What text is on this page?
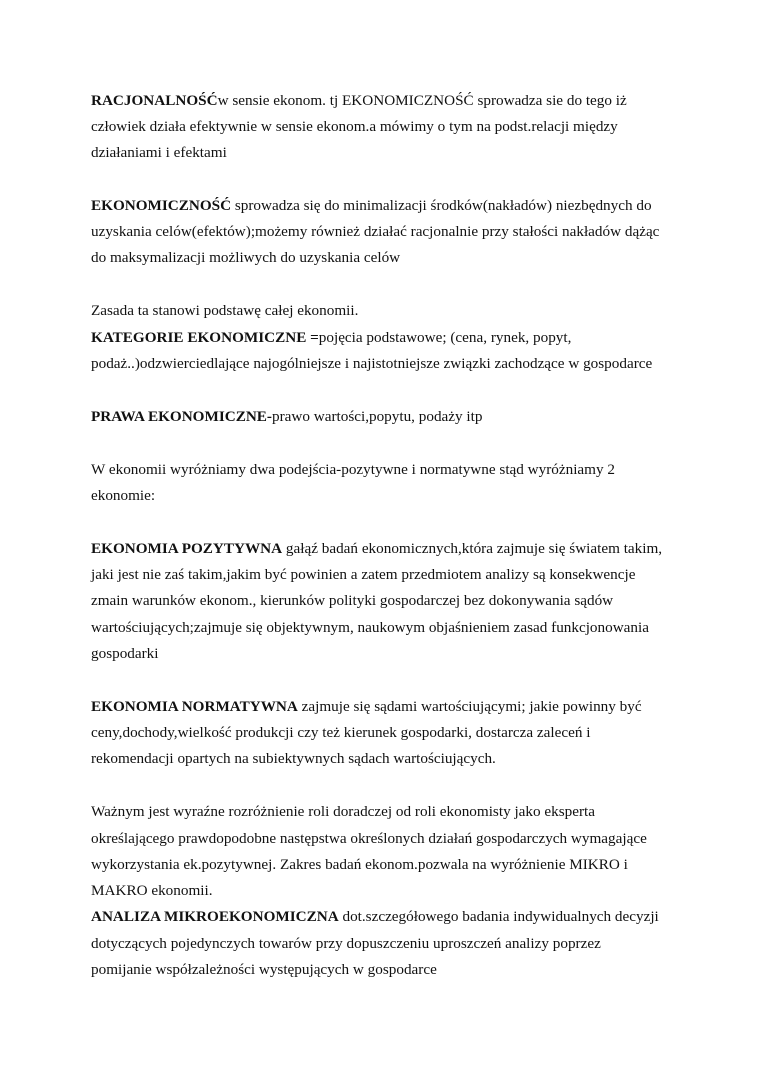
RACJONALNOŚĆw sensie ekonom. tj EKONOMICZNOŚĆ sprowadza sie do tego iż

człowiek działa efektywnie w sensie ekonom.a mówimy o tym na podst.relacji między

działaniami i efektami

EKONOMICZNOŚĆ sprowadza się do minimalizacji środków(nakładów) niezbędnych do

uzyskania celów(efektów);możemy również działać racjonalnie przy stałości nakładów dążąc

do maksymalizacji możliwych do uzyskania celów

Zasada ta stanowi podstawę całej ekonomii.

KATEGORIE EKONOMICZNE =pojęcia podstawowe; (cena, rynek, popyt,

podaż..)odzwierciedlające najogólniejsze i najistotniejsze związki zachodzące w gospodarce

PRAWA EKONOMICZNE-prawo wartości,popytu, podaży itp

W ekonomii wyróżniamy dwa podejścia-pozytywne i normatywne stąd wyróżniamy 2

ekonomie:

EKONOMIA POZYTYWNA gałąź badań ekonomicznych,która zajmuje się światem takim,

jaki jest nie zaś takim,jakim być powinien a zatem przedmiotem analizy są konsekwencje

zmain warunków ekonom., kierunków polityki gospodarczej bez dokonywania sądów

wartościujących;zajmuje się objektywnym, naukowym objaśnieniem zasad funkcjonowania

gospodarki

EKONOMIA NORMATYWNA zajmuje się sądami wartościującymi; jakie powinny być

ceny,dochody,wielkość produkcji czy też kierunek gospodarki, dostarcza zaleceń i

rekomendacji opartych na subiektywnych sądach wartościujących.

Ważnym jest wyraźne rozróżnienie roli doradczej od roli ekonomisty jako eksperta

określającego prawdopodobne następstwa określonych działań gospodarczych wymagające

wykorzystania ek.pozytywnej. Zakres badań ekonom.pozwala na wyróżnienie MIKRO i

MAKRO ekonomii.

ANALIZA MIKROEKONOMICZNA dot.szczegółowego badania indywidualnych decyzji

dotyczących pojedynczych towarów przy dopuszczeniu uproszczeń analizy poprzez

pomijanie współzależności występujących w gospodarce
